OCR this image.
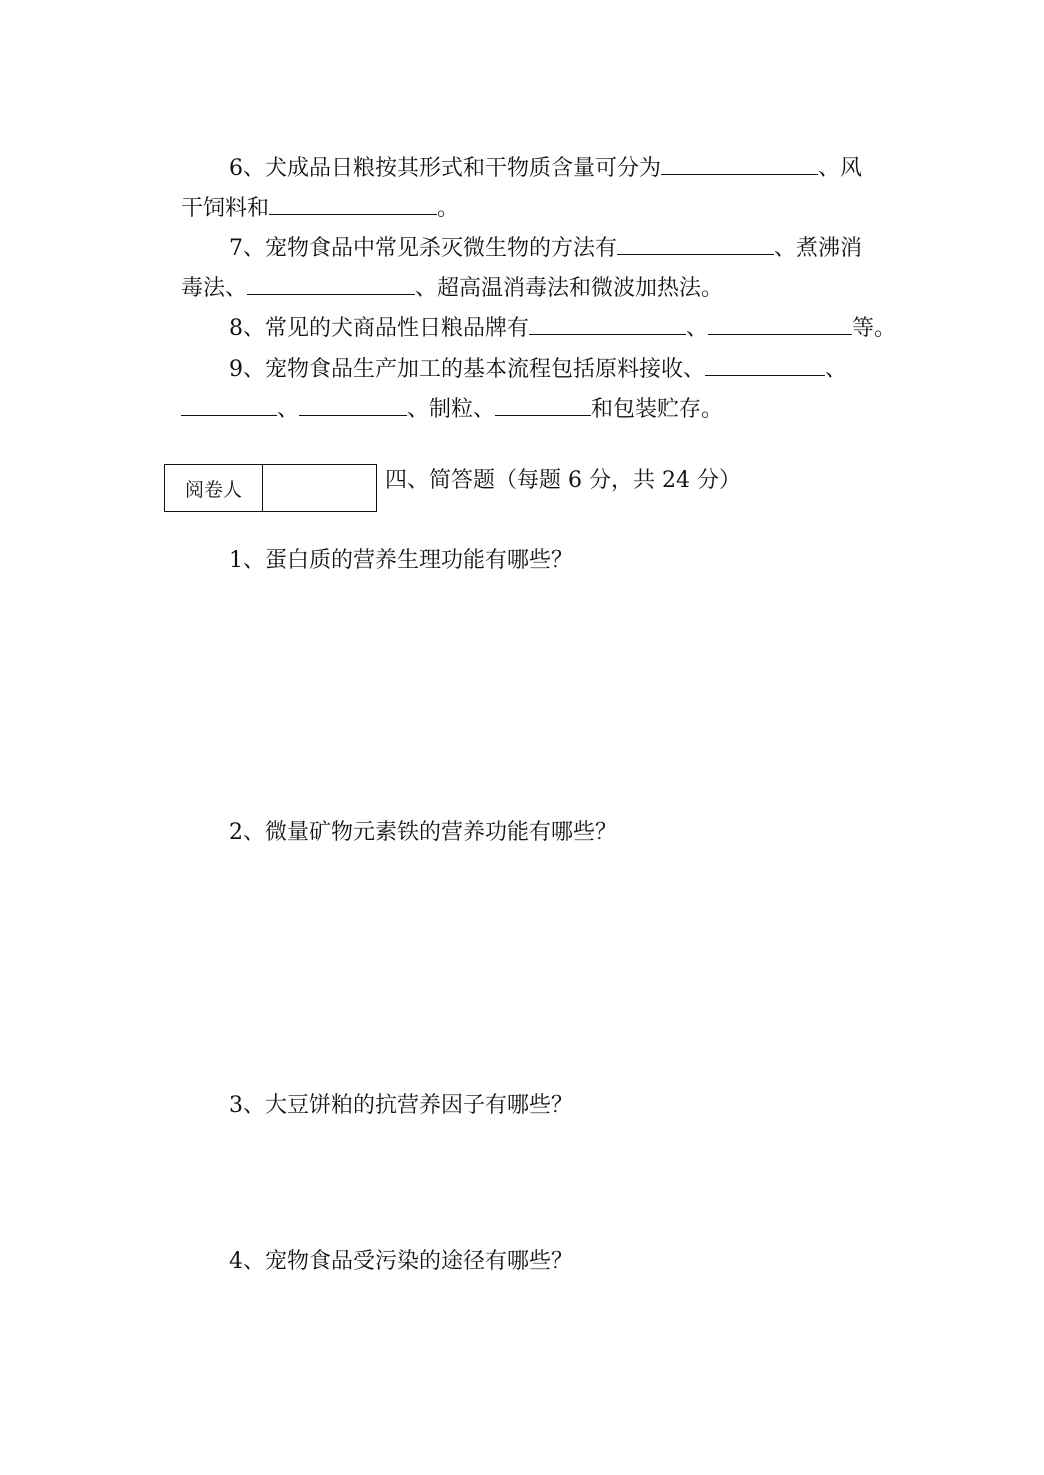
6、犬成品日粮按其形式和干物质含量可分为	、风
干饲料和	。
7、宠物食品中常见杀灭微生物的方法有	、煮沸消
毒法、	、超高温消毒法和微波加热法。
8、常见的犬商品性日粮品牌有	、	等。
9、宠物食品生产加工的基本流程包括原料接收、	、
、	、制粒、	和包装贮存。
阅卷人	四、简答题（每题 6 分，共 24 分）
1、蛋白质的营养生理功能有哪些？
2、微量矿物元素铁的营养功能有哪些？
3、大豆饼粕的抗营养因子有哪些？
4、宠物食品受污染的途径有哪些？
